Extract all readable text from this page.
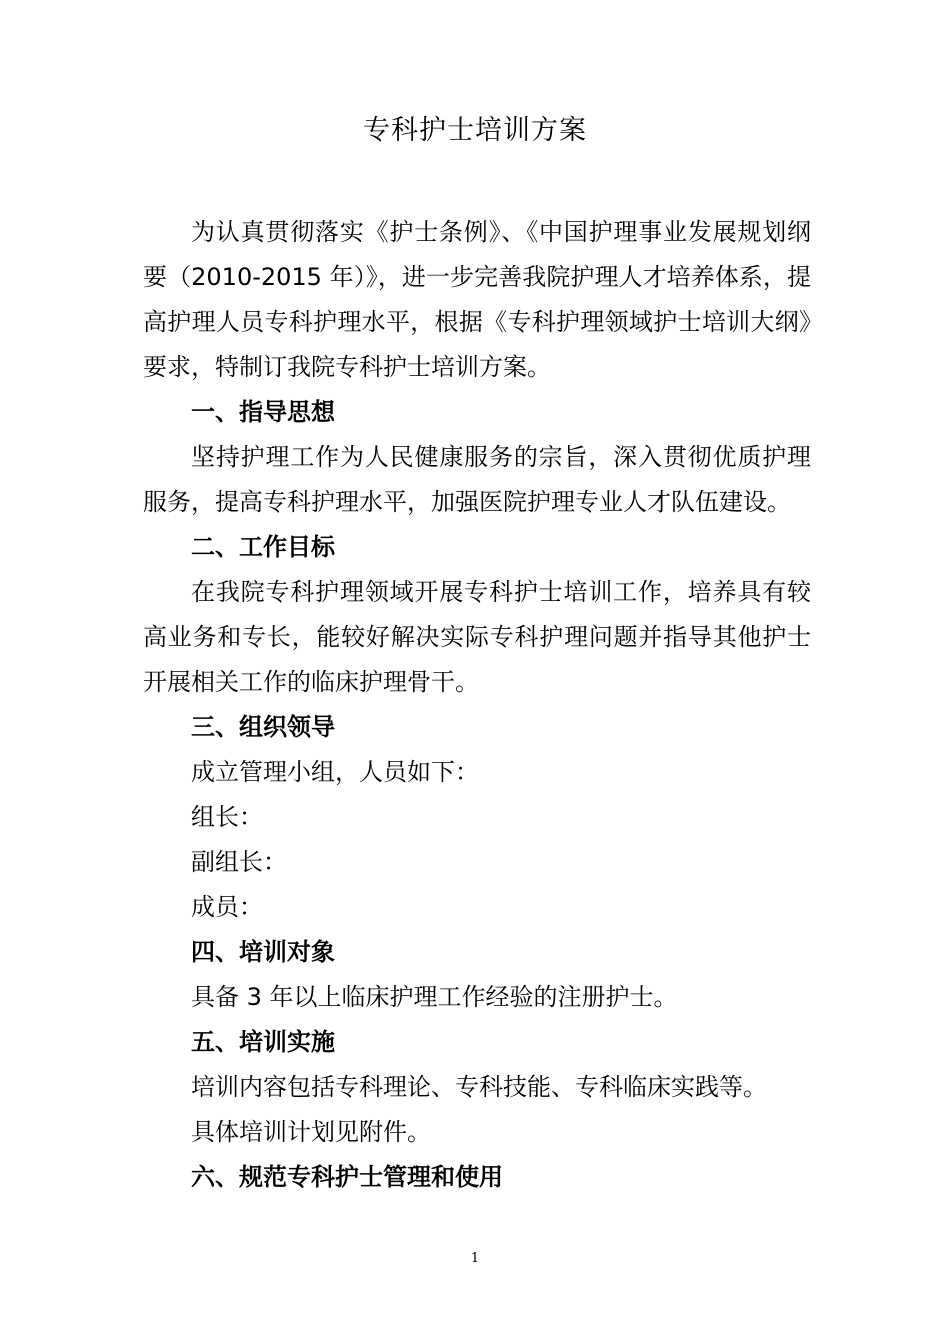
专科护士培训方案

为认真贯彻落实《护士条例》、《中国护理事业发展规划纲要（2010-2015 年）》，进一步完善我院护理人才培养体系，提高护理人员专科护理水平，根据《专科护理领域护士培训大纲》要求，特制订我院专科护士培训方案。

一、指导思想

坚持护理工作为人民健康服务的宗旨，深入贯彻优质护理服务，提高专科护理水平，加强医院护理专业人才队伍建设。

二、工作目标

在我院专科护理领域开展专科护士培训工作，培养具有较高业务和专长，能较好解决实际专科护理问题并指导其他护士开展相关工作的临床护理骨干。

三、组织领导

成立管理小组，人员如下：

组长：

副组长：

成员：

四、培训对象

具备 3 年以上临床护理工作经验的注册护士。

五、培训实施

培训内容包括专科理论、专科技能、专科临床实践等。

具体培训计划见附件。

六、规范专科护士管理和使用
1
